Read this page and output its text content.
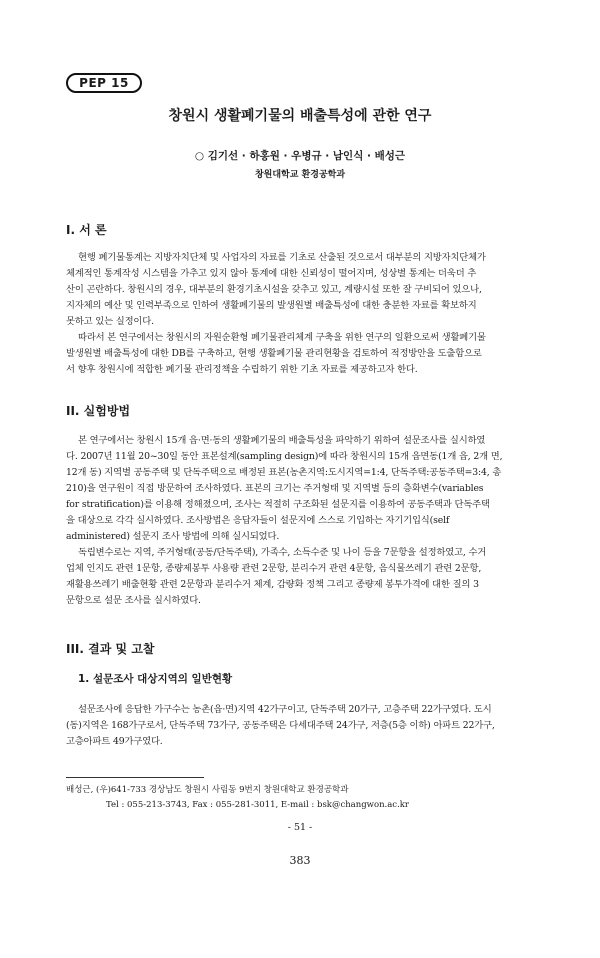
PEP 15
창원시 생활폐기물의 배출특성에 관한 연구
○ 김기선 · 하홍원 · 우병규 · 남인식 · 배성근
창원대학교 환경공학과
I. 서 론
현행 폐기물통계는 지방자치단체 및 사업자의 자료를 기초로 산출된 것으로서 대부분의 지방자치단체가
체계적인 통계작성 시스템을 가추고 있지 않아 통계에 대한 신뢰성이 떨어지며, 성상별 통계는 더욱더 추
산이 곤란하다. 창원시의 경우, 대부분의 환경기초시설을 갖추고 있고, 계량시설 또한 잘 구비되어 있으나,
지자체의 예산 및 인력부족으로 인하여 생활폐기물의 발생원별 배출특성에 대한 충분한 자료를 확보하지
못하고 있는 실정이다.
따라서 본 연구에서는 창원시의 자원순환형 폐기물관리체계 구축을 위한 연구의 일환으로써 생활폐기물
발생원별 배출특성에 대한 DB를 구축하고, 현행 생활폐기물 관리현황을 검토하여 적정방안을 도출함으로
서 향후 창원시에 적합한 폐기물 관리정책을 수립하기 위한 기초 자료를 제공하고자 한다.
II. 실험방법
본 연구에서는 창원시 15개 읍·면·동의 생활폐기물의 배출특성을 파악하기 위하여 설문조사를 실시하였
다. 2007년 11월 20~30일 동안 표본설계(sampling design)에 따라 창원시의 15개 읍면동(1개 읍, 2개 면,
12개 동) 지역별 공동주택 및 단독주택으로 배정된 표본(농촌지역:도시지역=1:4, 단독주택:공동주택=3:4, 총
210)을 연구원이 직접 방문하여 조사하였다. 표본의 크기는 주거형태 및 지역별 등의 층화변수(variables
for stratification)를 이용해 정해졌으며, 조사는 적절히 구조화된 설문지를 이용하여 공동주택과 단독주택
을 대상으로 각각 실시하였다. 조사방법은 응답자들이 설문지에 스스로 기입하는 자기기입식(self
administered) 설문지 조사 방법에 의해 실시되었다.
독립변수로는 지역, 주거형태(공동/단독주택), 가족수, 소득수준 및 나이 등을 7문항을 설정하였고, 수거
업체 인지도 관련 1문항, 종량제봉투 사용량 관련 2문항, 분리수거 관련 4문항, 음식물쓰레기 관련 2문항,
재활용쓰레기 배출현황 관련 2문항과 분리수거 체계, 감량화 정책 그리고 종량제 봉투가격에 대한 질의 3
문항으로 설문 조사를 실시하였다.
III. 결과 및 고찰
1. 설문조사 대상지역의 일반현황
설문조사에 응답한 가구수는 농촌(읍·면)지역 42가구이고, 단독주택 20가구, 고층주택 22가구였다. 도시
(동)지역은 168가구로서, 단독주택 73가구, 공동주택은 다세대주택 24가구, 저층(5층 이하) 아파트 22가구,
고층아파트 49가구였다.
배성근, (우)641-733 경상남도 창원시 사림동 9번지 창원대학교 환경공학과
Tel : 055-213-3743, Fax : 055-281-3011, E-mail : bsk@changwon.ac.kr
- 51 -
383
